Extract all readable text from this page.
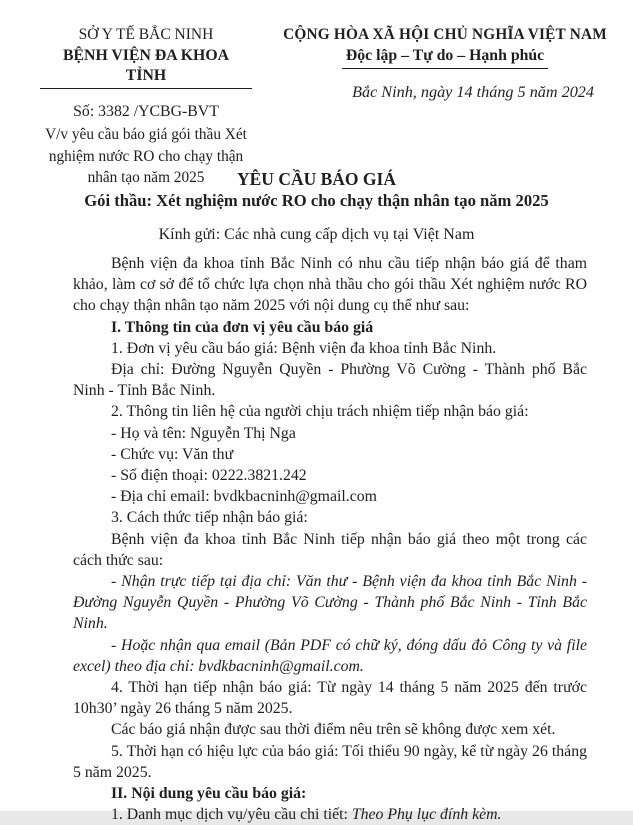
SỞ Y TẾ BẮC NINH
BỆNH VIỆN ĐA KHOA TỈNH
Số: 3382 /YCBG-BVT
V/v yêu cầu báo giá gói thầu Xét nghiệm nước RO cho chạy thận nhân tạo năm 2025
CỘNG HÒA XÃ HỘI CHỦ NGHĨA VIỆT NAM
Độc lập – Tự do – Hạnh phúc
Bắc Ninh, ngày 14 tháng 5 năm 2024
YÊU CẦU BÁO GIÁ
Gói thầu: Xét nghiệm nước RO cho chạy thận nhân tạo năm 2025
Kính gửi: Các nhà cung cấp dịch vụ tại Việt Nam

Bệnh viện đa khoa tỉnh Bắc Ninh có nhu cầu tiếp nhận báo giá để tham khảo, làm cơ sở để tổ chức lựa chọn nhà thầu cho gói thầu Xét nghiệm nước RO cho chạy thận nhân tạo năm 2025 với nội dung cụ thể như sau:

I. Thông tin của đơn vị yêu cầu báo giá

1. Đơn vị yêu cầu báo giá: Bệnh viện đa khoa tỉnh Bắc Ninh.

Địa chỉ: Đường Nguyễn Quyền - Phường Võ Cường - Thành phố Bắc Ninh - Tỉnh Bắc Ninh.

2. Thông tin liên hệ của người chịu trách nhiệm tiếp nhận báo giá:

- Họ và tên: Nguyễn Thị Nga

- Chức vụ: Văn thư

- Số điện thoại: 0222.3821.242

- Địa chỉ email: bvdkbacninh@gmail.com

3. Cách thức tiếp nhận báo giá:

Bệnh viện đa khoa tỉnh Bắc Ninh tiếp nhận báo giá theo một trong các cách thức sau:

- Nhận trực tiếp tại địa chỉ: Văn thư - Bệnh viện đa khoa tỉnh Bắc Ninh - Đường Nguyễn Quyền - Phường Võ Cường - Thành phố Bắc Ninh - Tỉnh Bắc Ninh.

- Hoặc nhận qua email (Bản PDF có chữ ký, đóng dấu đỏ Công ty và file excel) theo địa chỉ: bvdkbacninh@gmail.com.

4. Thời hạn tiếp nhận báo giá: Từ ngày 14 tháng 5 năm 2025 đến trước 10h30’ ngày 26 tháng 5 năm 2025.

Các báo giá nhận được sau thời điểm nêu trên sẽ không được xem xét.

5. Thời hạn có hiệu lực của báo giá: Tối thiểu 90 ngày, kể từ ngày 26 tháng 5 năm 2025.

II. Nội dung yêu cầu báo giá:

1. Danh mục dịch vụ/yêu cầu chi tiết: Theo Phụ lục đính kèm.
